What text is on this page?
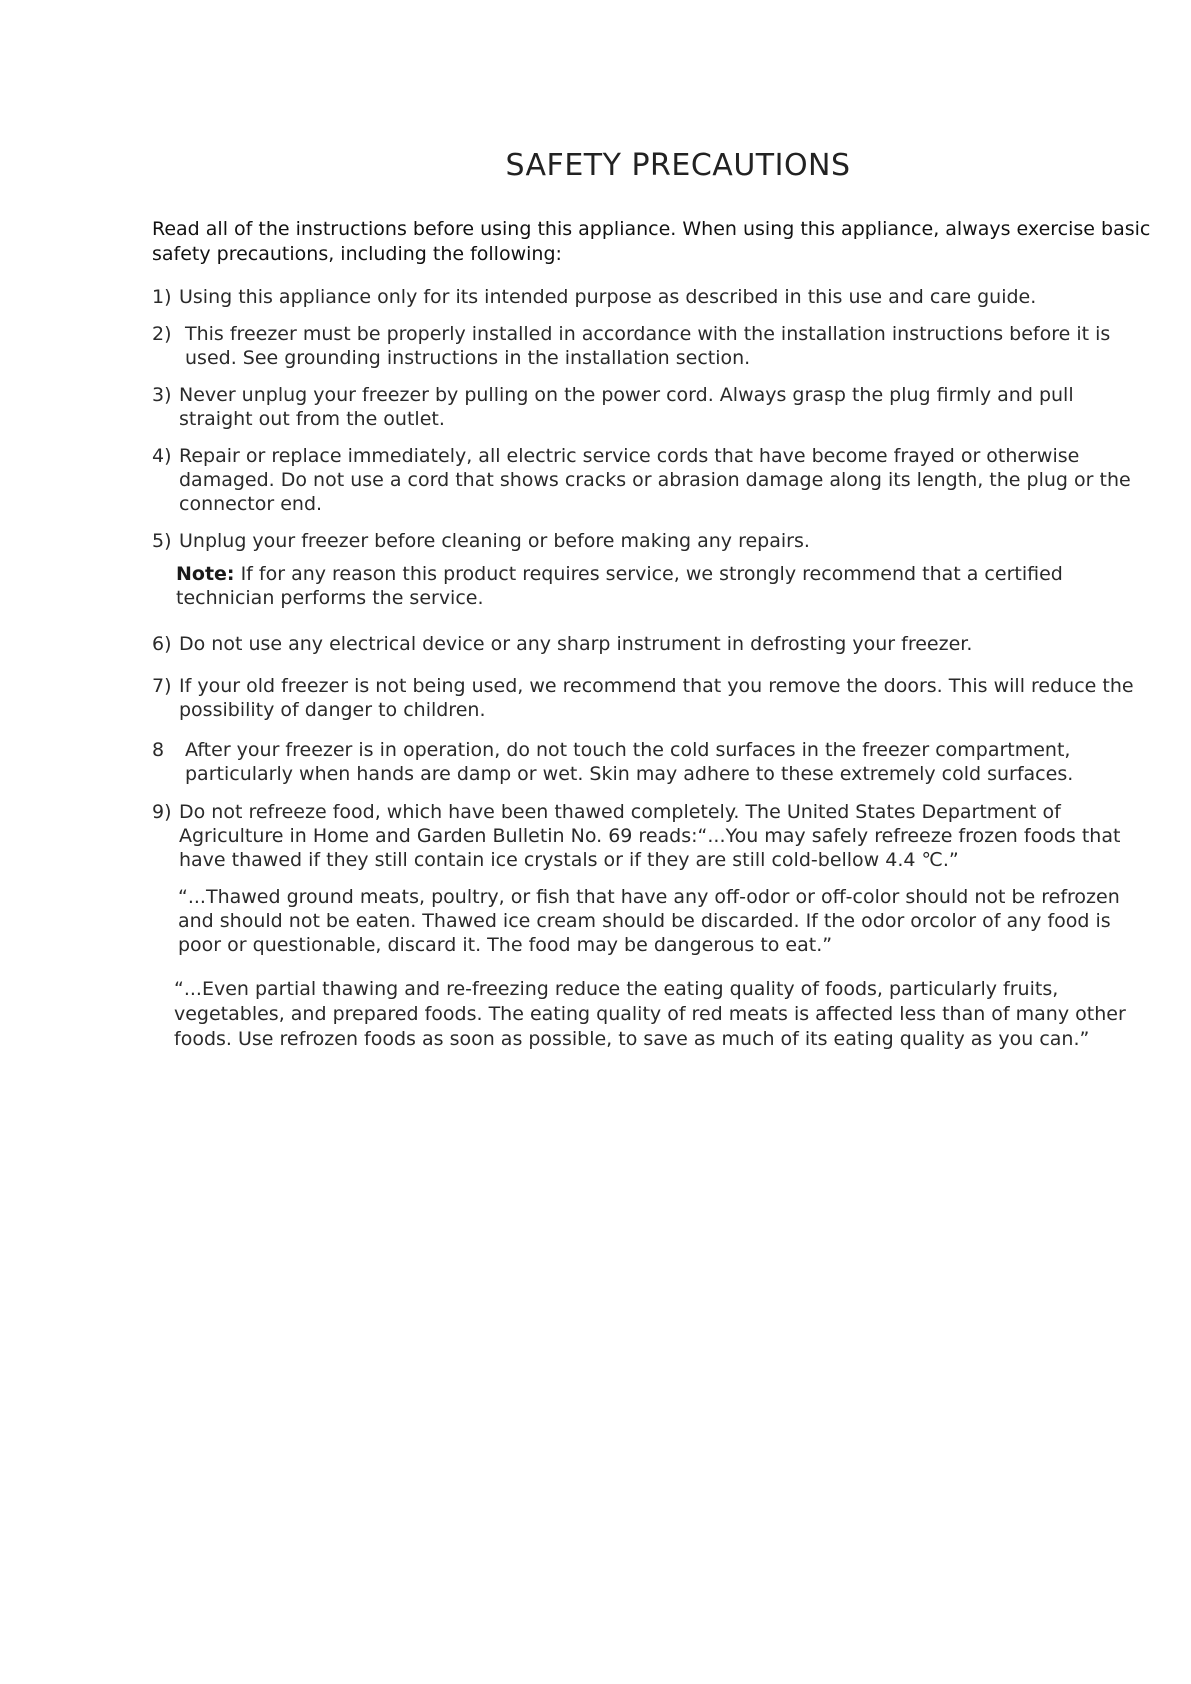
SAFETY PRECAUTIONS

Read all of the instructions before using this appliance. When using this appliance, always exercise basic safety precautions, including the following:

1) Using this appliance only for its intended purpose as described in this use and care guide.
2) This freezer must be properly installed in accordance with the installation instructions before it is used. See grounding instructions in the installation section.
3) Never unplug your freezer by pulling on the power cord. Always grasp the plug firmly and pull straight out from the outlet.
4) Repair or replace immediately, all electric service cords that have become frayed or otherwise damaged. Do not use a cord that shows cracks or abrasion damage along its length, the plug or the connector end.
5) Unplug your freezer before cleaning or before making any repairs.

Note: If for any reason this product requires service, we strongly recommend that a certified technician performs the service.

6) Do not use any electrical device or any sharp instrument in defrosting your freezer.
7) If your old freezer is not being used, we recommend that you remove the doors. This will reduce the possibility of danger to children.
8	After your freezer is in operation, do not touch the cold surfaces in the freezer compartment, particularly when hands are damp or wet. Skin may adhere to these extremely cold surfaces.
9) Do not refreeze food, which have been thawed completely. The United States Department of Agriculture in Home and Garden Bulletin No. 69 reads:“...You may safely refreeze frozen foods that have thawed if they still contain ice crystals or if they are still cold-bellow 4.4 ℃.”

“...Thawed ground meats, poultry, or fish that have any off-odor or off-color should not be refrozen and should not be eaten. Thawed ice cream should be discarded. If the odor orcolor of any food is poor or questionable, discard it. The food may be dangerous to eat.”

“...Even partial thawing and re-freezing reduce the eating quality of foods, particularly fruits, vegetables, and prepared foods. The eating quality of red meats is affected less than of many other foods. Use refrozen foods as soon as possible, to save as much of its eating quality as you can.”
